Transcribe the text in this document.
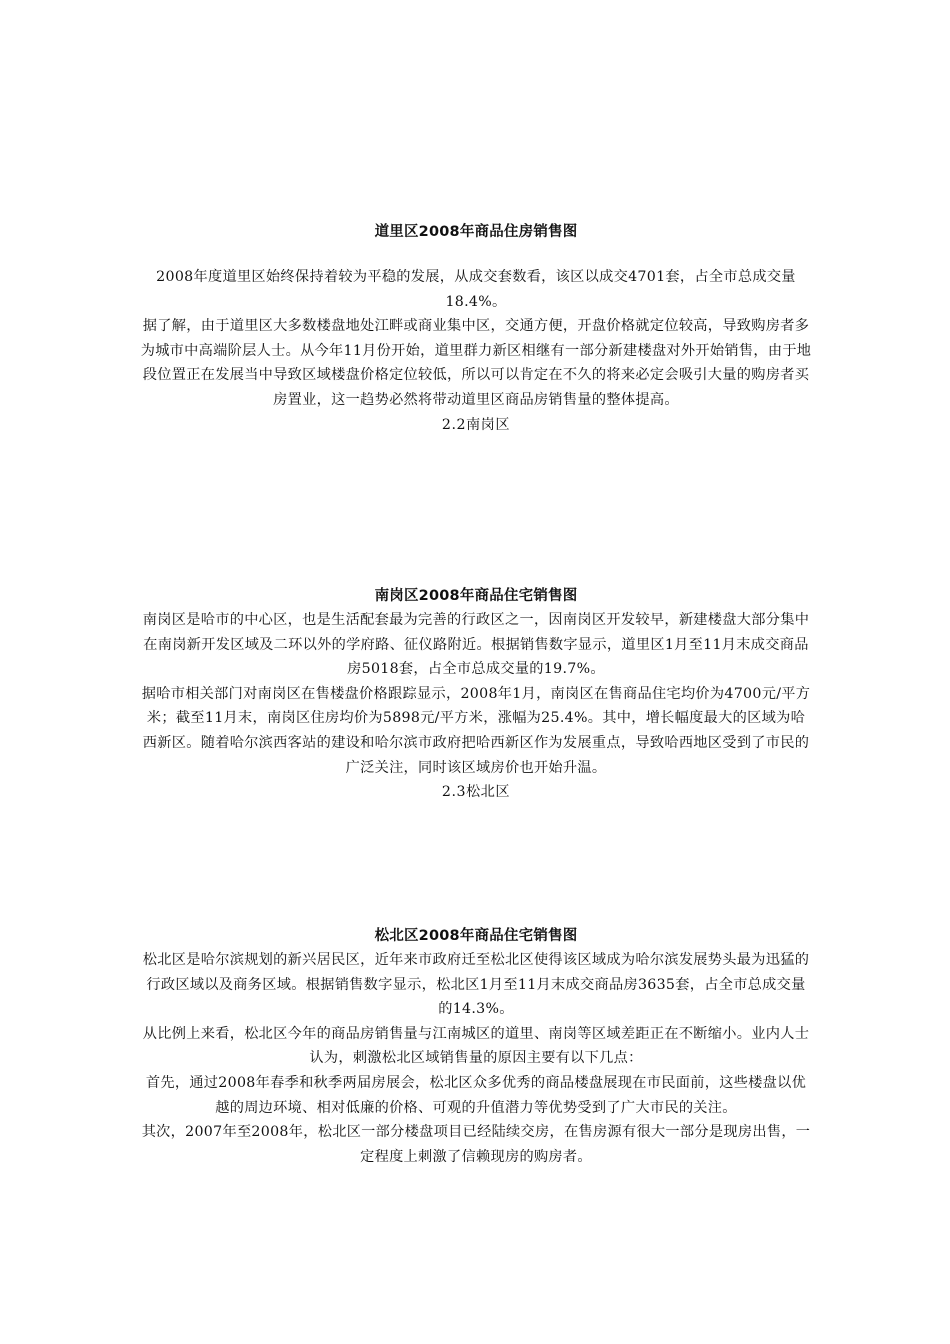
道里区2008年商品住房销售图

2008年度道里区始终保持着较为平稳的发展，从成交套数看，该区以成交4701套，占全市总成交量18.4%。

据了解，由于道里区大多数楼盘地处江畔或商业集中区，交通方便，开盘价格就定位较高，导致购房者多为城市中高端阶层人士。从今年11月份开始，道里群力新区相继有一部分新建楼盘对外开始销售，由于地段位置正在发展当中导致区域楼盘价格定位较低，所以可以肯定在不久的将来必定会吸引大量的购房者买房置业，这一趋势必然将带动道里区商品房销售量的整体提高。

2.2南岗区
南岗区2008年商品住宅销售图

南岗区是哈市的中心区，也是生活配套最为完善的行政区之一，因南岗区开发较早，新建楼盘大部分集中在南岗新开发区域及二环以外的学府路、征仪路附近。根据销售数字显示，道里区1月至11月末成交商品房5018套，占全市总成交量的19.7%。

据哈市相关部门对南岗区在售楼盘价格跟踪显示，2008年1月，南岗区在售商品住宅均价为4700元/平方米；截至11月末，南岗区住房均价为5898元/平方米，涨幅为25.4%。其中，增长幅度最大的区域为哈西新区。随着哈尔滨西客站的建设和哈尔滨市政府把哈西新区作为发展重点，导致哈西地区受到了市民的广泛关注，同时该区域房价也开始升温。

2.3松北区
松北区2008年商品住宅销售图

松北区是哈尔滨规划的新兴居民区，近年来市政府迁至松北区使得该区域成为哈尔滨发展势头最为迅猛的行政区域以及商务区域。根据销售数字显示，松北区1月至11月末成交商品房3635套，占全市总成交量的14.3%。

从比例上来看，松北区今年的商品房销售量与江南城区的道里、南岗等区域差距正在不断缩小。业内人士认为，刺激松北区域销售量的原因主要有以下几点：

首先，通过2008年春季和秋季两届房展会，松北区众多优秀的商品楼盘展现在市民面前，这些楼盘以优越的周边环境、相对低廉的价格、可观的升值潜力等优势受到了广大市民的关注。

其次，2007年至2008年，松北区一部分楼盘项目已经陆续交房，在售房源有很大一部分是现房出售，一定程度上刺激了信赖现房的购房者。
